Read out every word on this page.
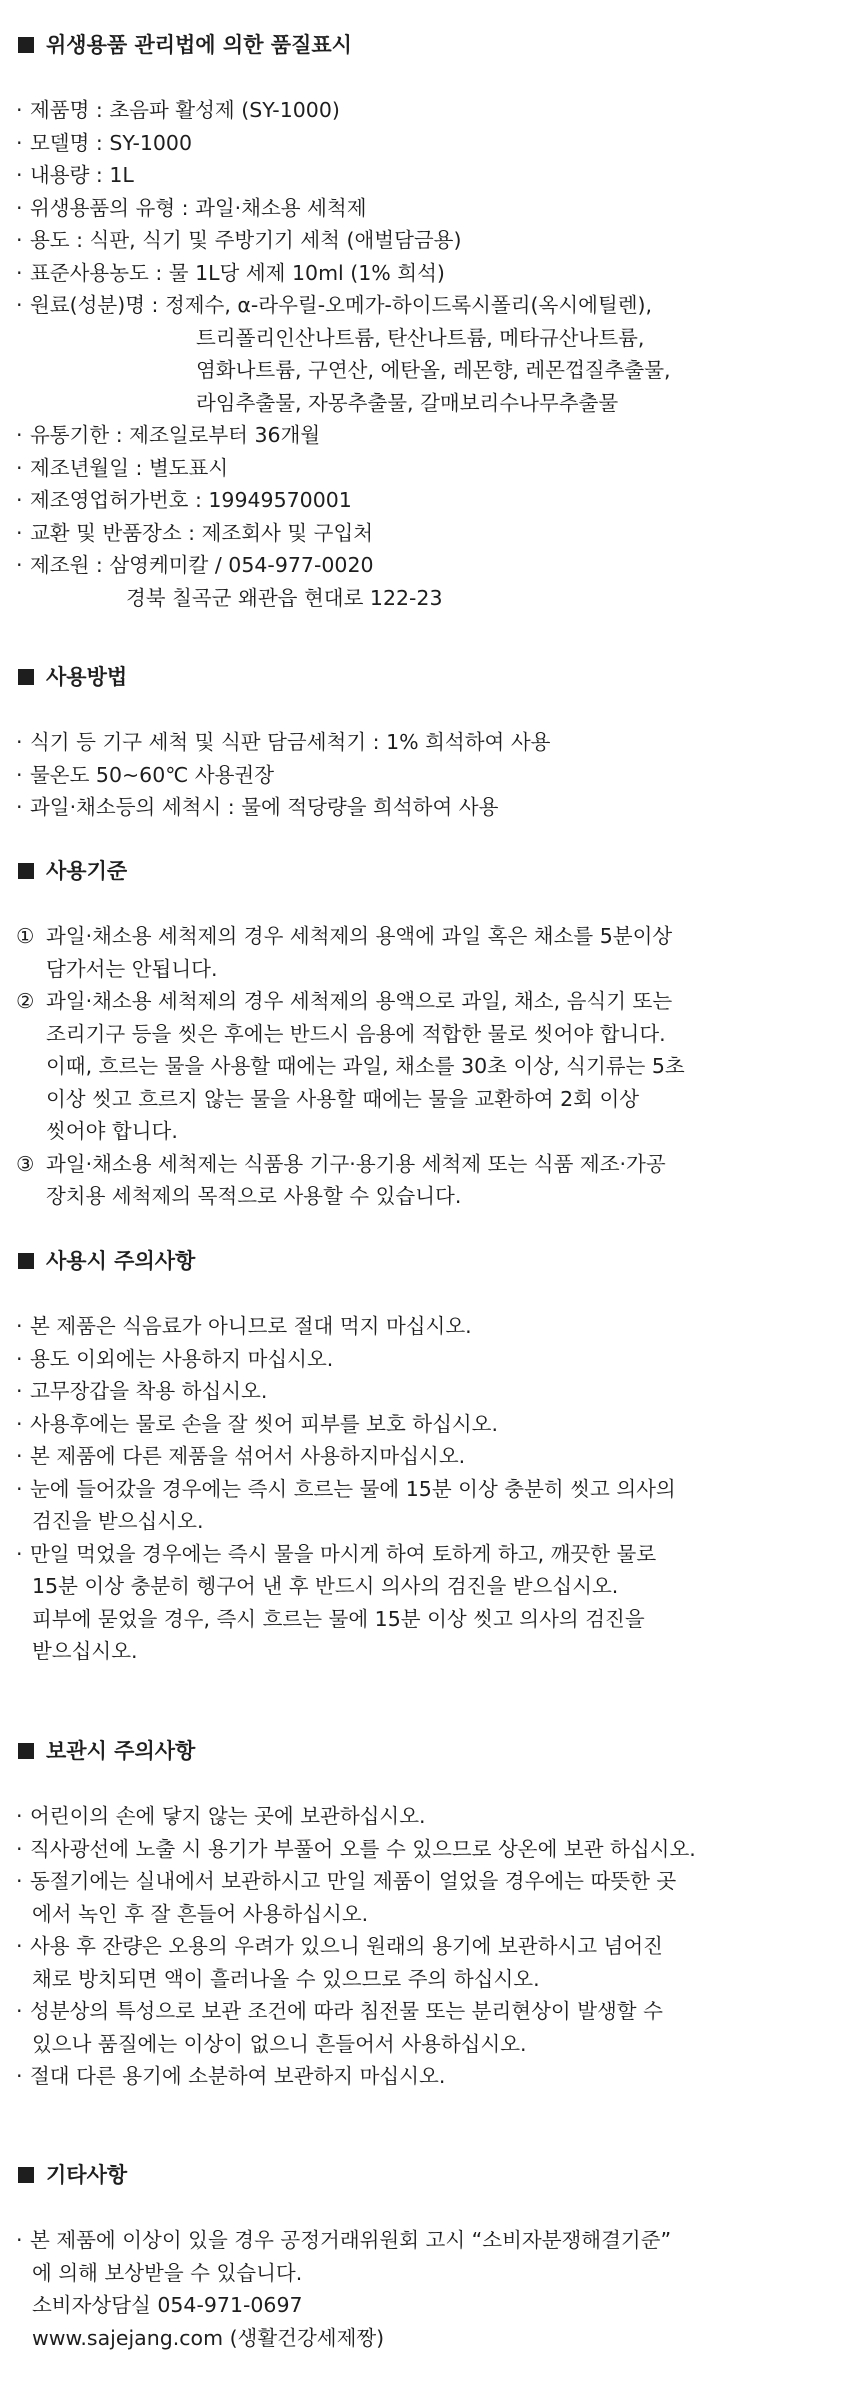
위생용품 관리법에 의한 품질표시
· 제품명 : 초음파 활성제 (SY-1000)
· 모델명 : SY-1000
· 내용량 : 1L
· 위생용품의 유형 : 과일·채소용 세척제
· 용도 : 식판, 식기 및 주방기기 세척 (애벌담금용)
· 표준사용농도 : 물 1L당 세제 10ml (1% 희석)
· 원료(성분)명 : 정제수, α-라우릴-오메가-하이드록시폴리(옥시에틸렌),
트리폴리인산나트륨, 탄산나트륨, 메타규산나트륨,
염화나트륨, 구연산, 에탄올, 레몬향, 레몬껍질추출물,
라임추출물, 자몽추출물, 갈매보리수나무추출물
· 유통기한 : 제조일로부터 36개월
· 제조년월일 : 별도표시
· 제조영업허가번호 : 19949570001
· 교환 및 반품장소 : 제조회사 및 구입처
· 제조원 : 삼영케미칼 / 054-977-0020
경북 칠곡군 왜관읍 현대로 122-23
사용방법
· 식기 등 기구 세척 및 식판 담금세척기 : 1% 희석하여 사용
· 물온도 50~60℃ 사용권장
· 과일·채소등의 세척시 : 물에 적당량을 희석하여 사용
사용기준
① 과일·채소용 세척제의 경우 세척제의 용액에 과일 혹은 채소를 5분이상
담가서는 안됩니다.
② 과일·채소용 세척제의 경우 세척제의 용액으로 과일, 채소, 음식기 또는
조리기구 등을 씻은 후에는 반드시 음용에 적합한 물로 씻어야 합니다.
이때, 흐르는 물을 사용할 때에는 과일, 채소를 30초 이상, 식기류는 5초
이상 씻고 흐르지 않는 물을 사용할 때에는 물을 교환하여 2회 이상
씻어야 합니다.
③ 과일·채소용 세척제는 식품용 기구·용기용 세척제 또는 식품 제조·가공
장치용 세척제의 목적으로 사용할 수 있습니다.
사용시 주의사항
· 본 제품은 식음료가 아니므로 절대 먹지 마십시오.
· 용도 이외에는 사용하지 마십시오.
· 고무장갑을 착용 하십시오.
· 사용후에는 물로 손을 잘 씻어 피부를 보호 하십시오.
· 본 제품에 다른 제품을 섞어서 사용하지마십시오.
· 눈에 들어갔을 경우에는 즉시 흐르는 물에 15분 이상 충분히 씻고 의사의
검진을 받으십시오.
· 만일 먹었을 경우에는 즉시 물을 마시게 하여 토하게 하고, 깨끗한 물로
15분 이상 충분히 헹구어 낸 후 반드시 의사의 검진을 받으십시오.
피부에 묻었을 경우, 즉시 흐르는 물에 15분 이상 씻고 의사의 검진을
받으십시오.
보관시 주의사항
· 어린이의 손에 닿지 않는 곳에 보관하십시오.
· 직사광선에 노출 시 용기가 부풀어 오를 수 있으므로 상온에 보관 하십시오.
· 동절기에는 실내에서 보관하시고 만일 제품이 얼었을 경우에는 따뜻한 곳
에서 녹인 후 잘 흔들어 사용하십시오.
· 사용 후 잔량은 오용의 우려가 있으니 원래의 용기에 보관하시고 넘어진
채로 방치되면 액이 흘러나올 수 있으므로 주의 하십시오.
· 성분상의 특성으로 보관 조건에 따라 침전물 또는 분리현상이 발생할 수
있으나 품질에는 이상이 없으니 흔들어서 사용하십시오.
· 절대 다른 용기에 소분하여 보관하지 마십시오.
기타사항
· 본 제품에 이상이 있을 경우 공정거래위원회 고시 “소비자분쟁해결기준”
에 의해 보상받을 수 있습니다.
소비자상담실 054-971-0697
www.sajejang.com (생활건강세제짱)
